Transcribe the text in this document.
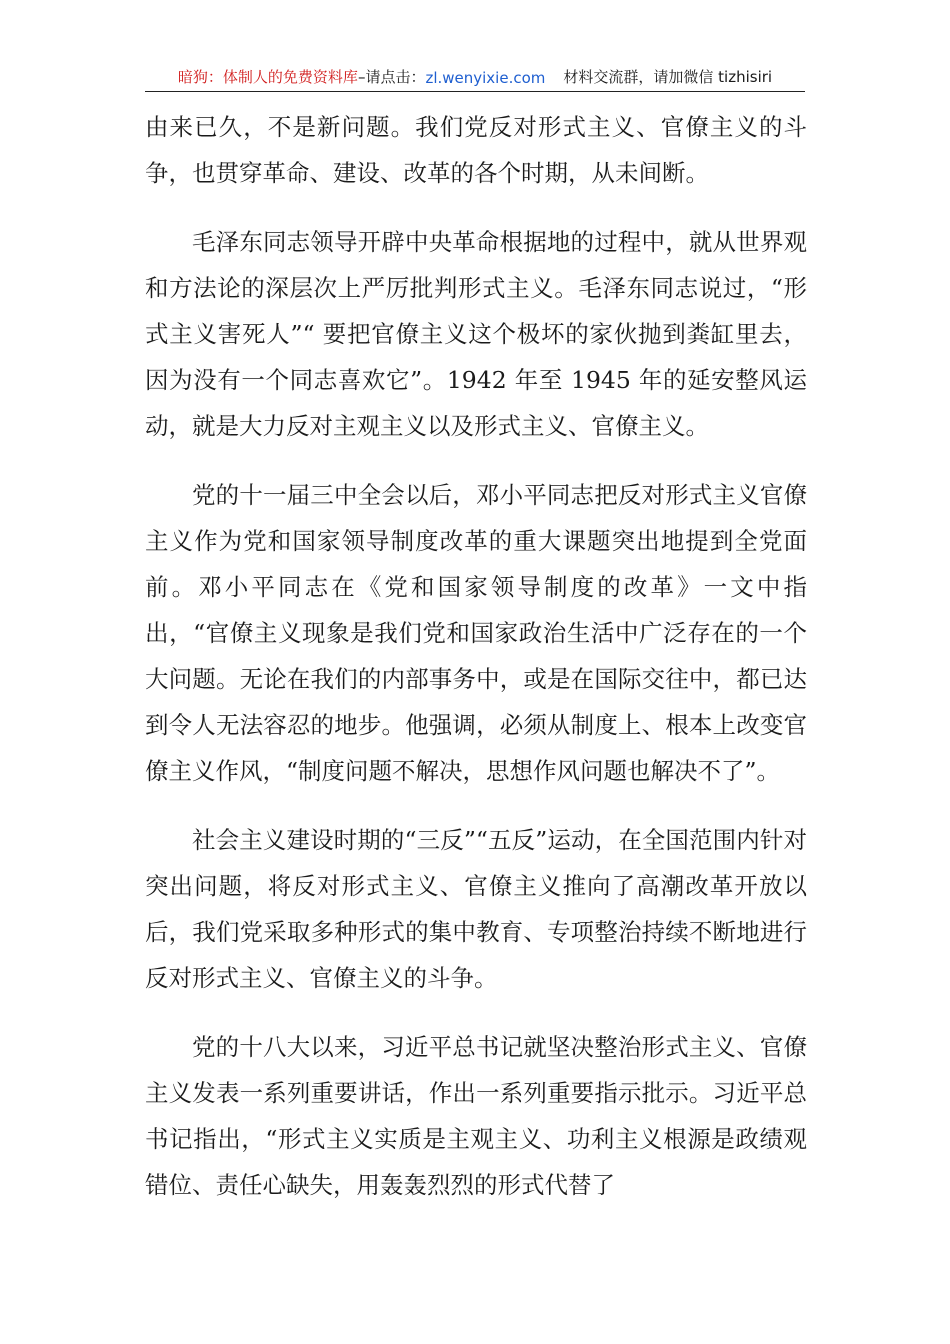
暗狗：体制人的免费资料库 –请点击： zl.wenyixie.com 材料交流群，请加微信 tizhisiri

由来已久，不是新问题。我们党反对形式主义、官僚主义的斗争，也贯穿革命、建设、改革的各个时期，从未间断。

毛泽东同志领导开辟中央革命根据地的过程中，就从世界观和方法论的深层次上严厉批判形式主义。毛泽东同志说过，“形式主义害死人”“ 要把官僚主义这个极坏的家伙抛到粪缸里去，因为没有一个同志喜欢它”。1942 年至 1945 年的延安整风运动，就是大力反对主观主义以及形式主义、官僚主义。

党的十一届三中全会以后，邓小平同志把反对形式主义官僚主义作为党和国家领导制度改革的重大课题突出地提到全党面前。邓小平同志在《党和国家领导制度的改革》一文中指出，“官僚主义现象是我们党和国家政治生活中广泛存在的一个大问题。无论在我们的内部事务中，或是在国际交往中，都已达到令人无法容忍的地步。他强调，必须从制度上、根本上改变官僚主义作风，“制度问题不解决，思想作风问题也解决不了”。

社会主义建设时期的“三反”“五反”运动，在全国范围内针对突出问题，将反对形式主义、官僚主义推向了高潮改革开放以后，我们党采取多种形式的集中教育、专项整治持续不断地进行反对形式主义、官僚主义的斗争。

党的十八大以来，习近平总书记就坚决整治形式主义、官僚主义发表一系列重要讲话，作出一系列重要指示批示。习近平总书记指出，“形式主义实质是主观主义、功利主义根源是政绩观错位、责任心缺失，用轰轰烈烈的形式代替了
